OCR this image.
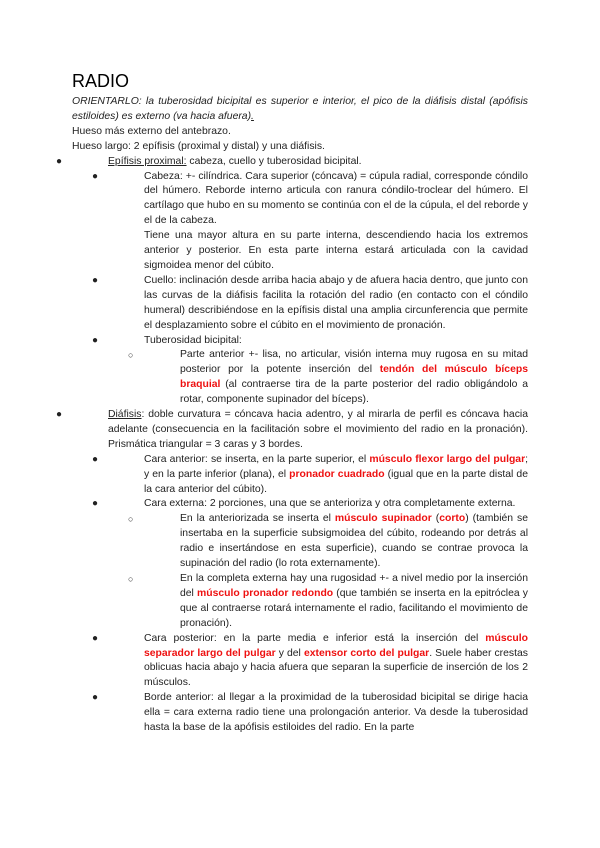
RADIO

ORIENTARLO: la tuberosidad bicipital es superior e interior, el pico de la diáfisis distal (apófisis estiloides) es externo (va hacia afuera).

Hueso más externo del antebrazo.

Hueso largo: 2 epífisis (proximal y distal) y una diáfisis.

●	Epífisis proximal: cabeza, cuello y tuberosidad bicipital.
●	Cabeza: +- cilíndrica. Cara superior (cóncava) = cúpula radial, corresponde cóndilo del húmero. Reborde interno articula con ranura cóndilo-troclear del húmero. El cartílago que hubo en su momento se continúa con el de la cúpula, el del reborde y el de la cabeza.
Tiene una mayor altura en su parte interna, descendiendo hacia los extremos anterior y posterior. En esta parte interna estará articulada con la cavidad sigmoidea menor del cúbito.
●	Cuello: inclinación desde arriba hacia abajo y de afuera hacia dentro, que junto con las curvas de la diáfisis facilita la rotación del radio (en contacto con el cóndilo humeral) describiéndose en la epífisis distal una amplia circunferencia que permite el desplazamiento sobre el cúbito en el movimiento de pronación.
●	Tuberosidad bicipital:
○	Parte anterior +- lisa, no articular, visión interna muy rugosa en su mitad posterior por la potente inserción del tendón del músculo bíceps braquial (al contraerse tira de la parte posterior del radio obligándolo a rotar, componente supinador del bíceps).
●	Diáfisis: doble curvatura = cóncava hacia adentro, y al mirarla de perfil es cóncava hacia adelante (consecuencia en la facilitación sobre el movimiento del radio en la pronación). Prismática triangular = 3 caras y 3 bordes.
●	Cara anterior: se inserta, en la parte superior, el músculo flexor largo del pulgar; y en la parte inferior (plana), el pronador cuadrado (igual que en la parte distal de la cara anterior del cúbito).
●	Cara externa: 2 porciones, una que se anterioriza y otra completamente externa.
○	En la anteriorizada se inserta el músculo supinador (corto) (también se insertaba en la superficie subsigmoidea del cúbito, rodeando por detrás al radio e insertándose en esta superficie), cuando se contrae provoca la supinación del radio (lo rota externamente).
○	En la completa externa hay una rugosidad +- a nivel medio por la inserción del músculo pronador redondo (que también se inserta en la epitróclea y que al contraerse rotará internamente el radio, facilitando el movimiento de pronación).
●	Cara posterior: en la parte media e inferior está la inserción del músculo separador largo del pulgar y del extensor corto del pulgar. Suele haber crestas oblicuas hacia abajo y hacia afuera que separan la superficie de inserción de los 2 músculos.
●	Borde anterior: al llegar a la proximidad de la tuberosidad bicipital se dirige hacia ella = cara externa radio tiene una prolongación anterior. Va desde la tuberosidad hasta la base de la apófisis estiloides del radio. En la parte
